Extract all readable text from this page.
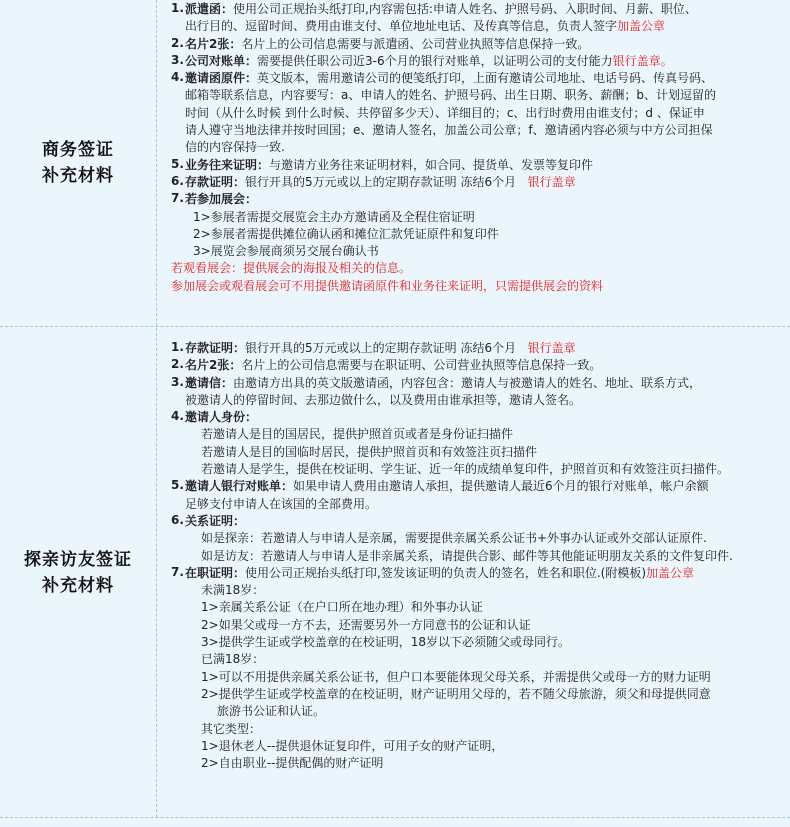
商务签证
补充材料
1. 派遣函：使用公司正规抬头纸打印,内容需包括:申请人姓名、护照号码、入职时间、月薪、职位、
出行目的、逗留时间、费用由谁支付、单位地址电话、及传真等信息，负责人签字加盖公章
2. 名片2张：名片上的公司信息需要与派遣函、公司营业执照等信息保持一致。
3. 公司对账单：需要提供任职公司近3-6个月的银行对账单，以证明公司的支付能力银行盖章。
4. 邀请函原件：英文版本，需用邀请公司的便笺纸打印，上面有邀请公司地址、电话号码、传真号码、
邮箱等联系信息，内容要写：a、申请人的姓名、护照号码、出生日期、职务、薪酬；b、计划逗留的
时间（从什么时候 到什么时候、共停留多少天）、详细目的；c、出行时费用由谁支付；d 、保证申
请人遵守当地法律并按时回国；e、邀请人签名，加盖公司公章；f、邀请函内容必须与中方公司担保
信的内容保持一致.
5. 业务往来证明：与邀请方业务往来证明材料，如合同、提货单、发票等复印件
6. 存款证明：银行开具的5万元或以上的定期存款证明 冻结6个月 银行盖章
7. 若参加展会：
1>参展者需提交展览会主办方邀请函及全程住宿证明
2>参展者需提供摊位确认函和摊位汇款凭证原件和复印件
3>展览会参展商须另交展台确认书
若观看展会：提供展会的海报及相关的信息。
参加展会或观看展会可不用提供邀请函原件和业务往来证明，只需提供展会的资料
探亲访友签证
补充材料
1. 存款证明：银行开具的5万元或以上的定期存款证明 冻结6个月 银行盖章
2. 名片2张：名片上的公司信息需要与在职证明、公司营业执照等信息保持一致。
3. 邀请信：由邀请方出具的英文版邀请函，内容包含：邀请人与被邀请人的姓名、地址、联系方式，
被邀请人的停留时间、去那边做什么，以及费用由谁承担等，邀请人签名。
4. 邀请人身份：
若邀请人是目的国居民，提供护照首页或者是身份证扫描件
若邀请人是目的国临时居民，提供护照首页和有效签注页扫描件
若邀请人是学生，提供在校证明、学生证、近一年的成绩单复印件，护照首页和有效签注页扫描件。
5. 邀请人银行对账单：如果申请人费用由邀请人承担，提供邀请人最近6个月的银行对账单，帐户余额
足够支付申请人在该国的全部费用。
6. 关系证明：
如是探亲：若邀请人与申请人是亲属，需要提供亲属关系公证书+外事办认证或外交部认证原件.
如是访友：若邀请人与申请人是非亲属关系，请提供合影、邮件等其他能证明朋友关系的文件复印件.
7. 在职证明：使用公司正规抬头纸打印,签发该证明的负责人的签名，姓名和职位.(附模板)加盖公章
未满18岁：
1>亲属关系公证（在户口所在地办理）和外事办认证
2>如果父或母一方不去，还需要另外一方同意书的公证和认证
3>提供学生证或学校盖章的在校证明，18岁以下必须随父或母同行。
已满18岁：
1>可以不用提供亲属关系公证书，但户口本要能体现父母关系，并需提供父或母一方的财力证明
2>提供学生证或学校盖章的在校证明，财产证明用父母的，若不随父母旅游，须父和母提供同意
旅游书公证和认证。
其它类型：
1>退休老人--提供退休证复印件，可用子女的财产证明，
2>自由职业--提供配偶的财产证明
